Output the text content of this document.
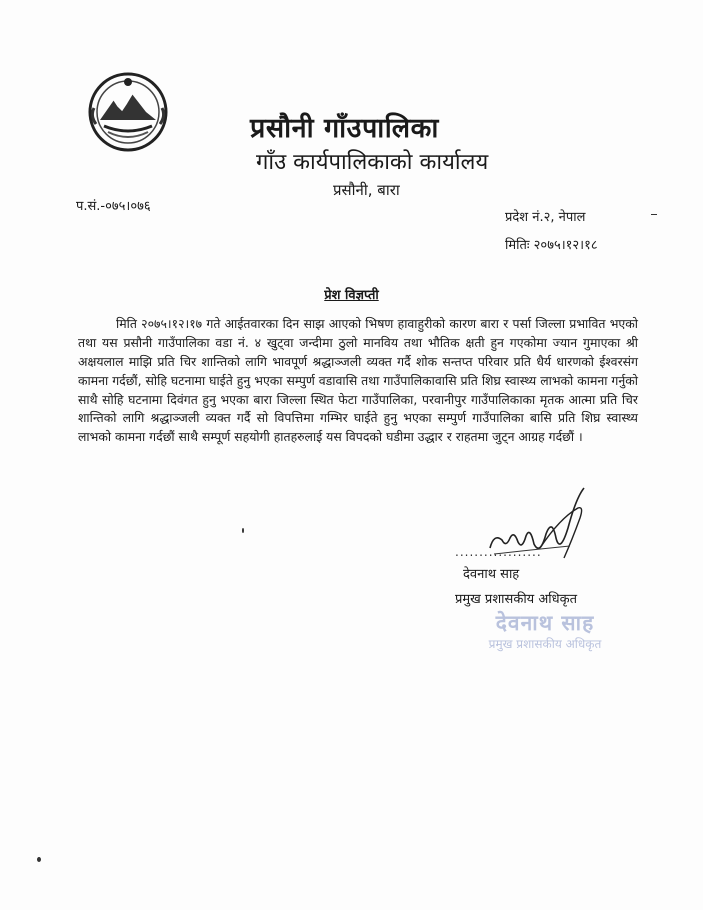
प्रसौनी गाँउपालिका
गाँउ कार्यपालिकाको कार्यालय
प्रसौनी, बारा
प.सं.-०७५।०७६
प्रदेश नं.२, नेपाल
मितिः २०७५।१२।१८
प्रेश विज्ञप्ती

मिति २०७५।१२।१७ गते आईतवारका दिन साझ आएको भिषण हावाहुरीको कारण बारा र पर्सा जिल्ला प्रभावित भएको तथा यस प्रसौनी गाउँपालिका वडा नं. ४ खुट्वा जन्दीमा ठुलो मानविय तथा भौतिक क्षती हुन गएकोमा ज्यान गुमाएका श्री अक्षयलाल माझि प्रति चिर शान्तिको लागि भावपूर्ण श्रद्धाञ्जली व्यक्त गर्दै शोक सन्तप्त परिवार प्रति धैर्य धारणको ईश्वरसंग कामना गर्दछौं, सोहि घटनामा घाईते हुनु भएका सम्पुर्ण वडावासि तथा गाउँपालिकावासि प्रति शिघ्र स्वास्थ्य लाभको कामना गर्नुको साथै सोहि घटनामा दिवंगत हुनु भएका बारा जिल्ला स्थित फेटा गाउँपालिका, परवानीपुर गाउँपालिकाका मृतक आत्मा प्रति चिर शान्तिको लागि श्रद्धाञ्जली व्यक्त गर्दै सो विपत्तिमा गम्भिर घाईते हुनु भएका सम्पुर्ण गाउँपालिका बासि प्रति शिघ्र स्वास्थ्य लाभको कामना गर्दछौं साथै सम्पूर्ण सहयोगी हातहरुलाई यस विपदको घडीमा उद्धार र राहतमा जुट्न आग्रह गर्दछौं ।

..................
देवनाथ साह
प्रमुख प्रशासकीय अधिकृत
देवनाथ साह
प्रमुख प्रशासकीय अधिकृत
